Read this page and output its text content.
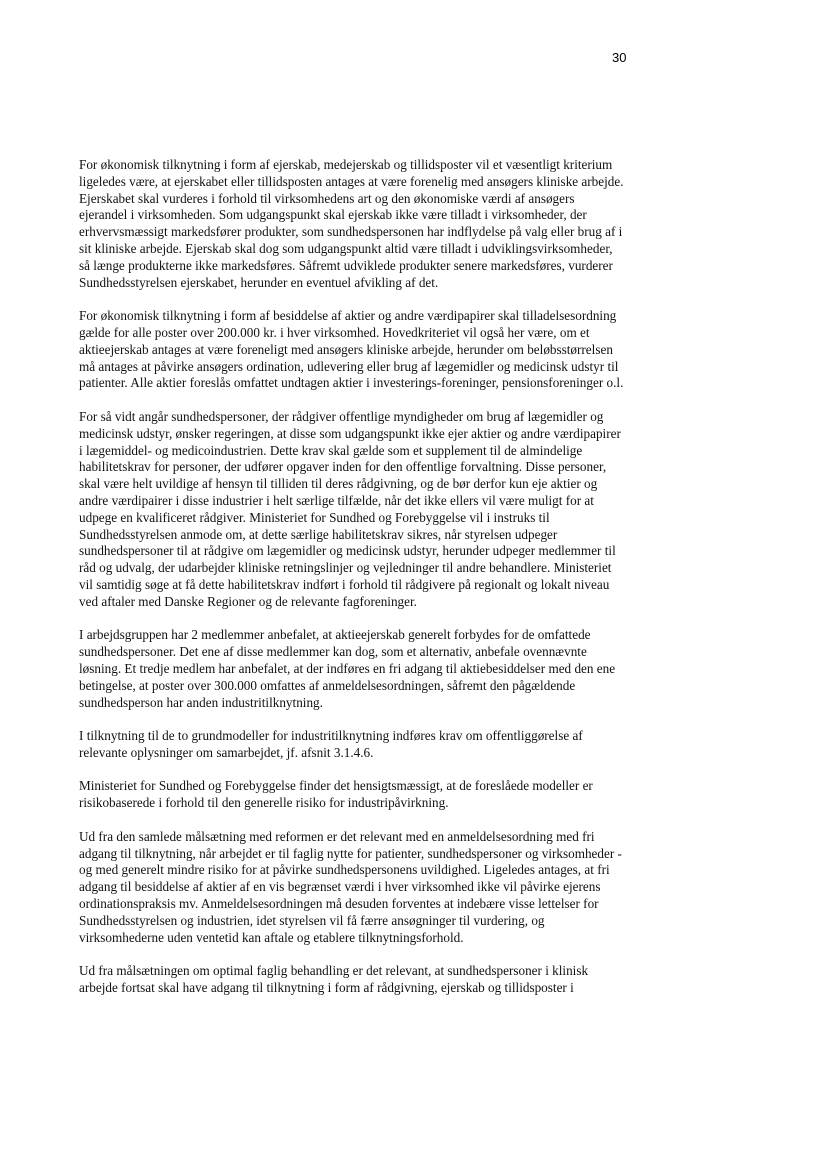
30

For økonomisk tilknytning i form af ejerskab, medejerskab og tillidsposter vil et væsentligt kriterium ligeledes være, at ejerskabet eller tillidsposten antages at være forenelig med ansøgers kliniske arbejde. Ejerskabet skal vurderes i forhold til virksomhedens art og den økonomiske værdi af ansøgers ejerandel i virksomheden. Som udgangspunkt skal ejerskab ikke være tilladt i virksomheder, der erhvervsmæssigt markedsfører produkter, som sundhedspersonen har indflydelse på valg eller brug af i sit kliniske arbejde. Ejerskab skal dog som udgangspunkt altid være tilladt i udviklingsvirksomheder, så længe produkterne ikke markedsføres. Såfremt udviklede produkter senere markedsføres, vurderer Sundhedsstyrelsen ejerskabet, herunder en eventuel afvikling af det.

For økonomisk tilknytning i form af besiddelse af aktier og andre værdipapirer skal tilladelsesordning gælde for alle poster over 200.000 kr. i hver virksomhed. Hovedkriteriet vil også her være, om et aktieejerskab antages at være foreneligt med ansøgers kliniske arbejde, herunder om beløbsstørrelsen må antages at påvirke ansøgers ordination, udlevering eller brug af lægemidler og medicinsk udstyr til patienter. Alle aktier foreslås omfattet undtagen aktier i investerings-foreninger, pensionsforeninger o.l.

For så vidt angår sundhedspersoner, der rådgiver offentlige myndigheder om brug af lægemidler og medicinsk udstyr, ønsker regeringen, at disse som udgangspunkt ikke ejer aktier og andre værdipapirer i lægemiddel- og medicoindustrien. Dette krav skal gælde som et supplement til de almindelige habilitetskrav for personer, der udfører opgaver inden for den offentlige forvaltning. Disse personer, skal være helt uvildige af hensyn til tilliden til deres rådgivning, og de bør derfor kun eje aktier og andre værdipairer i disse industrier i helt særlige tilfælde, når det ikke ellers vil være muligt for at udpege en kvalificeret rådgiver. Ministeriet for Sundhed og Forebyggelse vil i instruks til Sundhedsstyrelsen anmode om, at dette særlige habilitetskrav sikres, når styrelsen udpeger sundhedspersoner til at rådgive om lægemidler og medicinsk udstyr, herunder udpeger medlemmer til råd og udvalg, der udarbejder kliniske retningslinjer og vejledninger til andre behandlere. Ministeriet vil samtidig søge at få dette habilitetskrav indført i forhold til rådgivere på regionalt og lokalt niveau ved aftaler med Danske Regioner og de relevante fagforeninger.

I arbejdsgruppen har 2 medlemmer anbefalet, at aktieejerskab generelt forbydes for de omfattede sundhedspersoner. Det ene af disse medlemmer kan dog, som et alternativ, anbefale ovennævnte løsning. Et tredje medlem har anbefalet, at der indføres en fri adgang til aktiebesiddelser med den ene betingelse, at poster over 300.000 omfattes af anmeldelsesordningen, såfremt den pågældende sundhedsperson har anden industritilknytning.

I tilknytning til de to grundmodeller for industritilknytning indføres krav om offentliggørelse af relevante oplysninger om samarbejdet, jf. afsnit 3.1.4.6.

Ministeriet for Sundhed og Forebyggelse finder det hensigtsmæssigt, at de foreslåede modeller er risikobaserede i forhold til den generelle risiko for industripåvirkning.

Ud fra den samlede målsætning med reformen er det relevant med en anmeldelsesordning med fri adgang til tilknytning, når arbejdet er til faglig nytte for patienter, sundhedspersoner og virksomheder - og med generelt mindre risiko for at påvirke sundhedspersonens uvildighed. Ligeledes antages, at fri adgang til besiddelse af aktier af en vis begrænset værdi i hver virksomhed ikke vil påvirke ejerens ordinationspraksis mv. Anmeldelsesordningen må desuden forventes at indebære visse lettelser for Sundhedsstyrelsen og industrien, idet styrelsen vil få færre ansøgninger til vurdering, og virksomhederne uden ventetid kan aftale og etablere tilknytningsforhold.

Ud fra målsætningen om optimal faglig behandling er det relevant, at sundhedspersoner i klinisk arbejde fortsat skal have adgang til tilknytning i form af rådgivning, ejerskab og tillidsposter i
